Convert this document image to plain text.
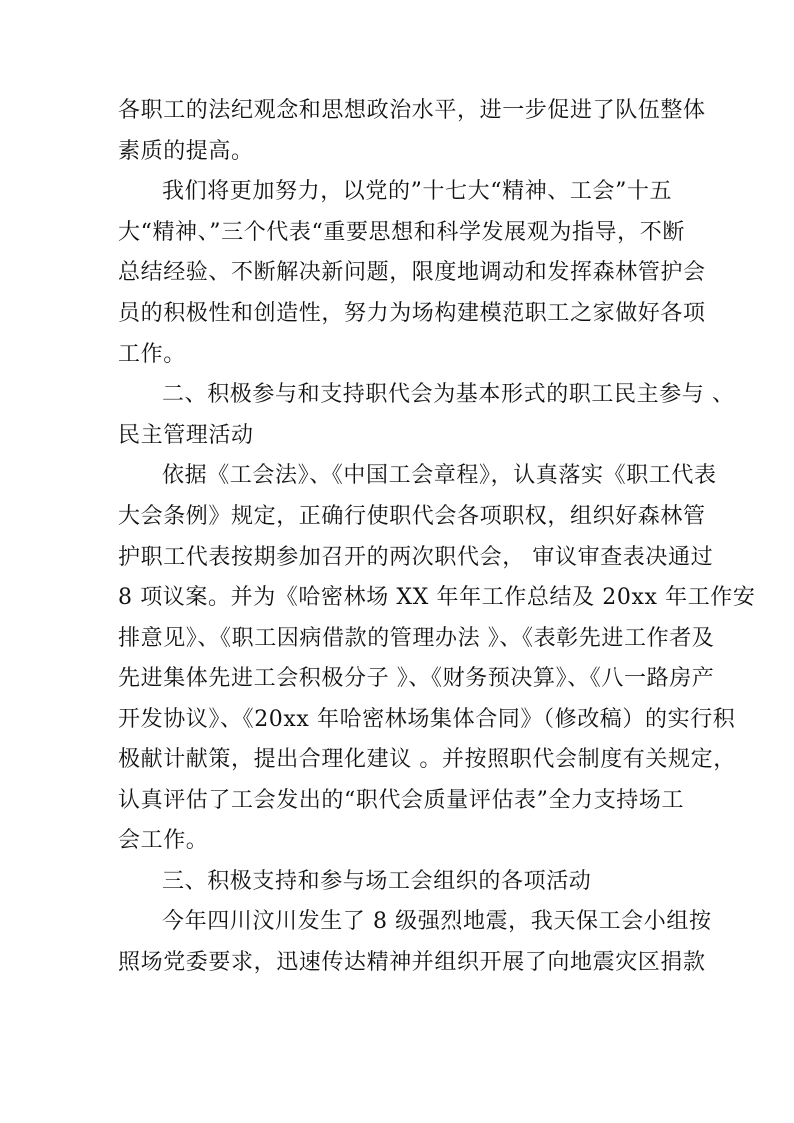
各职工的法纪观念和思想政治水平，进一步促进了队伍整体
素质的提高。
我们将更加努力，以党的”十七大“精神、工会”十五
大“精神、”三个代表“重要思想和科学发展观为指导，不断
总结经验、不断解决新问题，限度地调动和发挥森林管护会
员的积极性和创造性，努力为场构建模范职工之家做好各项
工作。
二、积极参与和支持职代会为基本形式的职工民主参与 、
民主管理活动
依据《工会法》、《中国工会章程》，认真落实《职工代表
大会条例》规定，正确行使职代会各项职权，组织好森林管
护职工代表按期参加召开的两次职代会， 审议审查表决通过
8 项议案。并为《哈密林场 XX 年年工作总结及 20xx 年工作安
排意见》、《职工因病借款的管理办法 》、《表彰先进工作者及
先进集体先进工会积极分子 》、《财务预决算》、《八一路房产
开发协议》、《20xx 年哈密林场集体合同》（修改稿）的实行积
极献计献策，提出合理化建议 。并按照职代会制度有关规定，
认真评估了工会发出的“职代会质量评估表”全力支持场工
会工作。
三、积极支持和参与场工会组织的各项活动
今年四川汶川发生了 8 级强烈地震，我天保工会小组按
照场党委要求，迅速传达精神并组织开展了向地震灾区捐款
